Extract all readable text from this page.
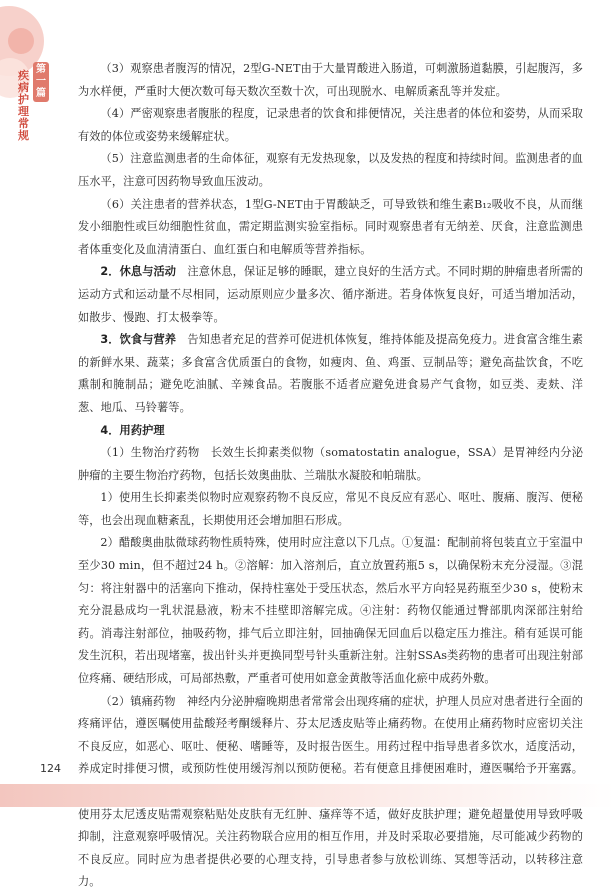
疾病护理常规
第一篇

（3）观察患者腹泻的情况，2型G-NET由于大量胃酸进入肠道，可刺激肠道黏膜，引起腹泻，多为水样便，严重时大便次数可每天数次至数十次，可出现脱水、电解质紊乱等并发症。

（4）严密观察患者腹胀的程度，记录患者的饮食和排便情况，关注患者的体位和姿势，从而采取有效的体位或姿势来缓解症状。

（5）注意监测患者的生命体征，观察有无发热现象，以及发热的程度和持续时间。监测患者的血压水平，注意可因药物导致血压波动。

（6）关注患者的营养状态，1型G-NET由于胃酸缺乏，可导致铁和维生素B₁₂吸收不良，从而继发小细胞性或巨幼细胞性贫血，需定期监测实验室指标。同时观察患者有无纳差、厌食，注意监测患者体重变化及血清清蛋白、血红蛋白和电解质等营养指标。

2．休息与活动　 注意休息，保证足够的睡眠，建立良好的生活方式。不同时期的肿瘤患者所需的运动方式和运动量不尽相同，运动原则应少量多次、循序渐进。若身体恢复良好，可适当增加活动，如散步、慢跑、打太极拳等。

3．饮食与营养　 告知患者充足的营养可促进机体恢复，维持体能及提高免疫力。进食富含维生素的新鲜水果、蔬菜；多食富含优质蛋白的食物，如瘦肉、鱼、鸡蛋、豆制品等；避免高盐饮食，不吃熏制和腌制品；避免吃油腻、辛辣食品。若腹胀不适者应避免进食易产气食物，如豆类、麦麸、洋葱、地瓜、马铃薯等。

4．用药护理

（1）生物治疗药物　长效生长抑素类似物（somatostatin analogue，SSA）是胃神经内分泌肿瘤的主要生物治疗药物，包括长效奥曲肽、兰瑞肽水凝胶和帕瑞肽。

1）使用生长抑素类似物时应观察药物不良反应，常见不良反应有恶心、呕吐、腹痛、腹泻、便秘等，也会出现血糖紊乱，长期使用还会增加胆石形成。

2）醋酸奥曲肽微球药物性质特殊，使用时应注意以下几点。①复温：配制前将包装直立于室温中至少30 min，但不超过24 h。②溶解：加入溶剂后，直立放置药瓶5 s，以确保粉末充分浸湿。③混匀：将注射器中的活塞向下推动，保持柱塞处于受压状态，然后水平方向轻晃药瓶至少30 s，使粉末充分混悬成均一乳状混悬液，粉末不挂壁即溶解完成。④注射：药物仅能通过臀部肌肉深部注射给药。消毒注射部位，抽吸药物，排气后立即注射，回抽确保无回血后以稳定压力推注。稍有延误可能发生沉积，若出现堵塞，拔出针头并更换同型号针头重新注射。注射SSAs类药物的患者可出现注射部位疼痛、硬结形成，可局部热敷，严重者可使用如意金黄散等活血化瘀中成药外敷。

（2）镇痛药物　神经内分泌肿瘤晚期患者常常会出现疼痛的症状，护理人员应对患者进行全面的疼痛评估，遵医嘱使用盐酸羟考酮缓释片、芬太尼透皮贴等止痛药物。在使用止痛药物时应密切关注不良反应，如恶心、呕吐、便秘、嗜睡等，及时报告医生。用药过程中指导患者多饮水，适度活动，养成定时排便习惯，或预防性使用缓泻剂以预防便秘。若有便意且排便困难时，遵医嘱给予开塞露。 使用芬太尼透皮贴需观察粘贴处皮肤有无红肿、瘙痒等不适，做好皮肤护理；避免超量使用导致呼吸抑制，注意观察呼吸情况。关注药物联合应用的相互作用，并及时采取必要措施，尽可能减少药物的不良反应。同时应为患者提供必要的心理支持，引导患者参与放松训练、冥想等活动，以转移注意力。

124
